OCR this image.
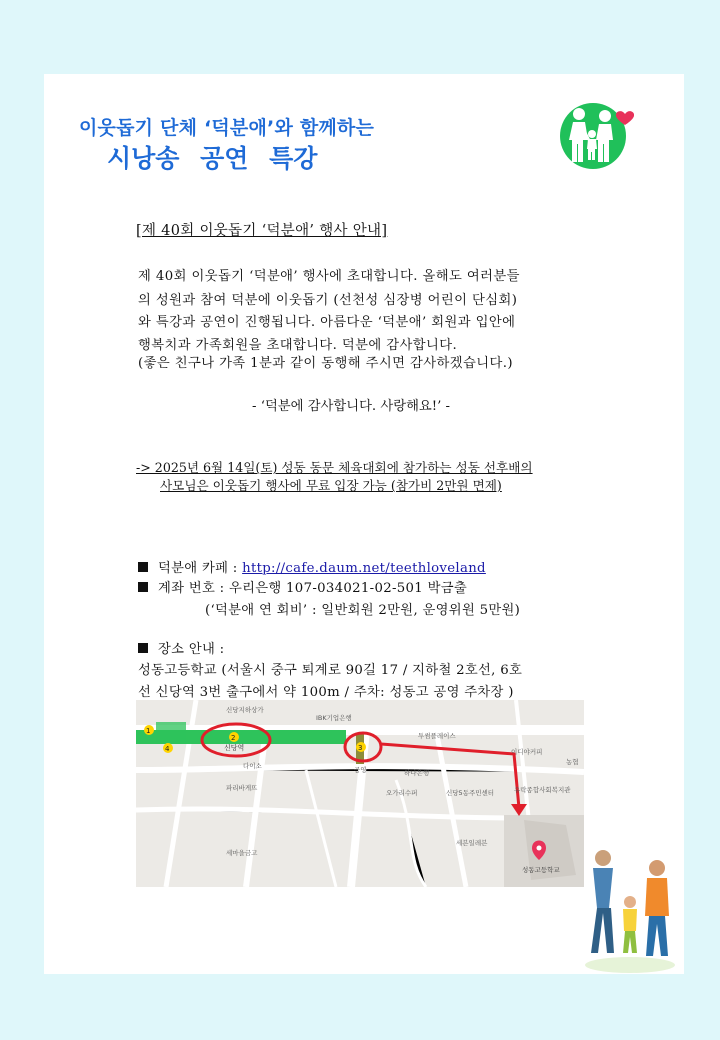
이웃돕기 단체 ‘덕분애’와 함께하는
시낭송 공연 특강
[제 40회 이웃돕기 ‘덕분애’ 행사 안내]
제 40회 이웃돕기 ‘덕분애’ 행사에 초대합니다. 올해도 여러분들
의 성원과 참여 덕분에 이웃돕기 (선천성 심장병 어린이 단심회)
와 특강과 공연이 진행됩니다. 아름다운 ‘덕분애’ 회원과 입안에
행복치과 가족회원을 초대합니다. 덕분에 감사합니다.
(좋은 친구나 가족 1분과 같이 동행해 주시면 감사하겠습니다.)
- ‘덕분에 감사합니다. 사랑해요!’ -
-> 2025년 6월 14일(토) 성동 동문 체육대회에 참가하는 성동 선후배의
사모님은 이웃돕기 행사에 무료 입장 가능 (참가비 2만원 면제)
덕분애 카페 : http://cafe.daum.net/teethloveland
계좌 번호 : 우리은행 107-034021-02-501 박금출
(‘덕분애 연 회비’ : 일반회원 2만원, 운영위원 5만원)
장소 안내 :
성동고등학교 (서울시 중구 퇴계로 90길 17 / 지하철 2호선, 6호
선 신당역 3번 출구에서 약 100m / 주차: 성동고 공영 주차장 )
1
2
3
4
신당지하상가
IBK기업은행
신당역
투썸플레이스
이디야커피
농협
다이소
파리바게뜨
공영	하나은행
오가리수퍼	신당5동주민센터	유락종합사회복지관
세븐일레븐
세마을금고
성동고등학교
